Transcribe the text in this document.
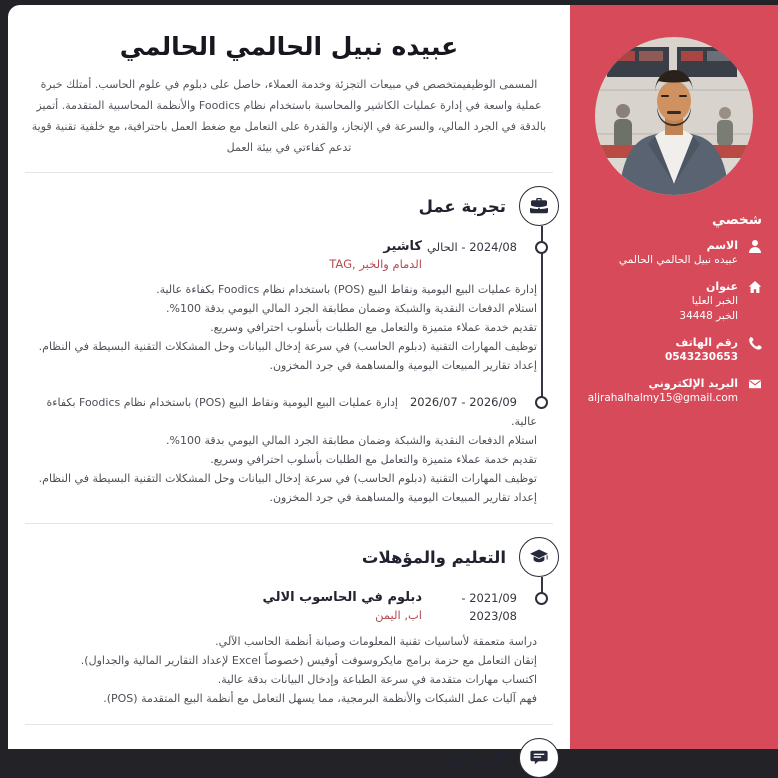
شخصي
الاسم
عبيده نبيل الحالمي الحالمي
عنوان
الخبر العليا
34448 الخبر
رقم الهاتف
0543230653
البريد الإلكتروني
aljrahalhalmy15@gmail.com
عبيده نبيل الحالمي الحالمي

المسمى الوظيفيمتخصص في مبيعات التجزئة وخدمة العملاء، حاصل على دبلوم في علوم الحاسب. أمتلك خبرة عملية واسعة في إدارة عمليات الكاشير والمحاسبة باستخدام نظام Foodics والأنظمة المحاسبية المتقدمة. أتميز بالدقة في الجرد المالي، والسرعة في الإنجاز، والقدرة على التعامل مع ضغط العمل باحترافية، مع خلفية تقنية قوية تدعم كفاءتي في بيئة العمل

تجربة عمل
2024/08 - الحالي
كاشير
TAG, الدمام والخبر
إدارة عمليات البيع اليومية ونقاط البيع (POS) باستخدام نظام Foodics بكفاءة عالية.
استلام الدفعات النقدية والشبكة وضمان مطابقة الجرد المالي اليومي بدقة 100%.
تقديم خدمة عملاء متميزة والتعامل مع الطلبات بأسلوب احترافي وسريع.
توظيف المهارات التقنية (دبلوم الحاسب) في سرعة إدخال البيانات وحل المشكلات التقنية البسيطة في النظام.
إعداد تقارير المبيعات اليومية والمساهمة في جرد المخزون.
2026/09 - 2026/07
إدارة عمليات البيع اليومية ونقاط البيع (POS) باستخدام نظام Foodics بكفاءة عالية.
استلام الدفعات النقدية والشبكة وضمان مطابقة الجرد المالي اليومي بدقة 100%.
تقديم خدمة عملاء متميزة والتعامل مع الطلبات بأسلوب احترافي وسريع.
توظيف المهارات التقنية (دبلوم الحاسب) في سرعة إدخال البيانات وحل المشكلات التقنية البسيطة في النظام.
إعداد تقارير المبيعات اليومية والمساهمة في جرد المخزون.
التعليم والمؤهلات
2021/09 - 2023/08
دبلوم في الحاسوب الالي
اب, اليمن
دراسة متعمقة لأساسيات تقنية المعلومات وصيانة أنظمة الحاسب الآلي.
إتقان التعامل مع حزمة برامج مايكروسوفت أوفيس (خصوصاً Excel لإعداد التقارير المالية والجداول).
اكتساب مهارات متقدمة في سرعة الطباعة وإدخال البيانات بدقة عالية.
فهم آليات عمل الشبكات والأنظمة البرمجية، مما يسهل التعامل مع أنظمة البيع المتقدمة (POS).
المراجع
